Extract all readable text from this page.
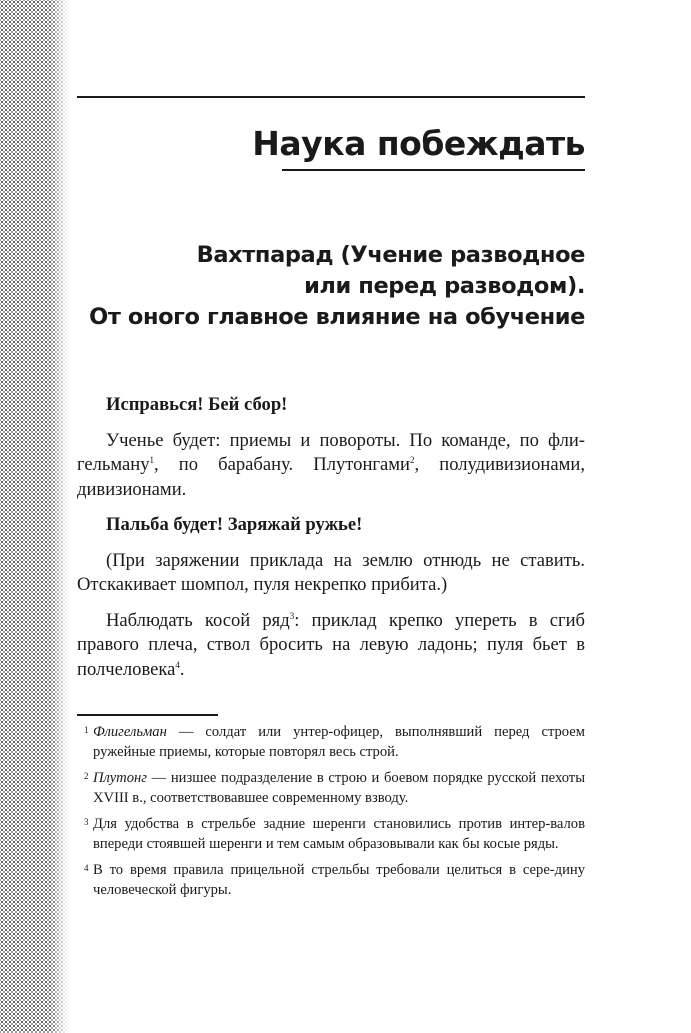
Наука побеждать
Вахтпарад (Учение разводное
или перед разводом).
От оного главное влияние на обучение

Исправься! Бей сбор!

Ученье будет: приемы и повороты. По команде, по фли-гельману$^1$, по барабану. Плутонгами$^2$, полудивизионами, дивизионами.

Пальба будет! Заряжай ружье!

(При заряжении приклада на землю отнюдь не ставить. Отскакивает шомпол, пуля некрепко прибита.)

Наблюдать косой ряд$^3$: приклад крепко упереть в сгиб правого плеча, ствол бросить на левую ладонь; пуля бьет в полчеловека$^4$.

1 Флигельман — солдат или унтер-офицер, выполнявший перед строем ружейные приемы, которые повторял весь строй.

2 Плутонг — низшее подразделение в строю и боевом порядке русской пехоты XVIII в., соответствовавшее современному взводу.

3 Для удобства в стрельбе задние шеренги становились против интер-валов впереди стоявшей шеренги и тем самым образовывали как бы косые ряды.

4 В то время правила прицельной стрельбы требовали целиться в сере-дину человеческой фигуры.
